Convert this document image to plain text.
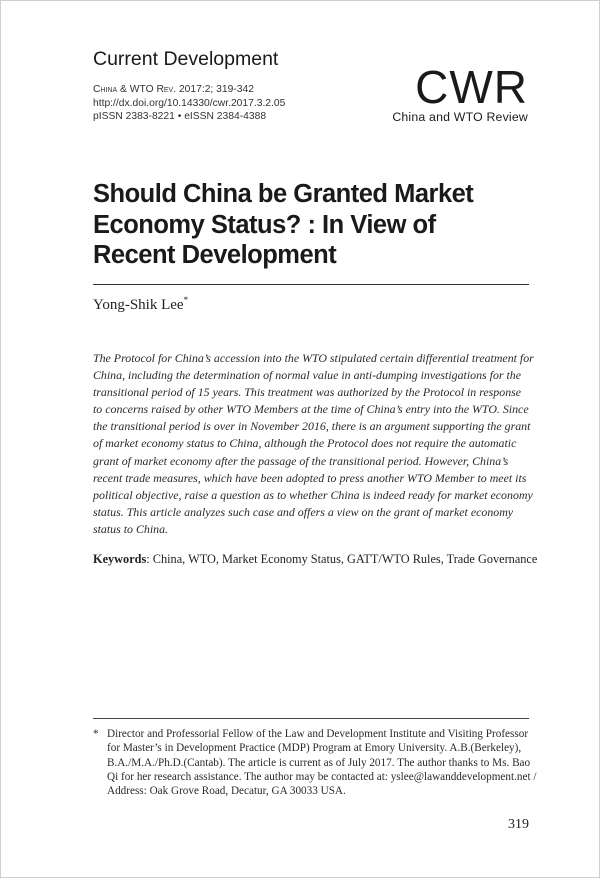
Current Development
China & WTO Rev. 2017:2; 319-342
http://dx.doi.org/10.14330/cwr.2017.3.2.05
pISSN 2383-8221 • eISSN 2384-4388
CWR
China and WTO Review
Should China be Granted Market
Economy Status? : In View of
Recent Development
Yong-Shik Lee*
The Protocol for China’s accession into the WTO stipulated certain differential treatment for
China, including the determination of normal value in anti-dumping investigations for the
transitional period of 15 years. This treatment was authorized by the Protocol in response
to concerns raised by other WTO Members at the time of China’s entry into the WTO. Since
the transitional period is over in November 2016, there is an argument supporting the grant
of market economy status to China, although the Protocol does not require the automatic
grant of market economy after the passage of the transitional period. However, China’s
recent trade measures, which have been adopted to press another WTO Member to meet its
political objective, raise a question as to whether China is indeed ready for market economy
status. This article analyzes such case and offers a view on the grant of market economy
status to China.
Keywords: China, WTO, Market Economy Status, GATT/WTO Rules, Trade Governance
* Director and Professorial Fellow of the Law and Development Institute and Visiting Professor
for Master’s in Development Practice (MDP) Program at Emory University. A.B.(Berkeley),
B.A./M.A./Ph.D.(Cantab). The article is current as of July 2017. The author thanks to Ms. Bao
Qi for her research assistance. The author may be contacted at: yslee@lawanddevelopment.net /
Address: Oak Grove Road, Decatur, GA 30033 USA.
319
